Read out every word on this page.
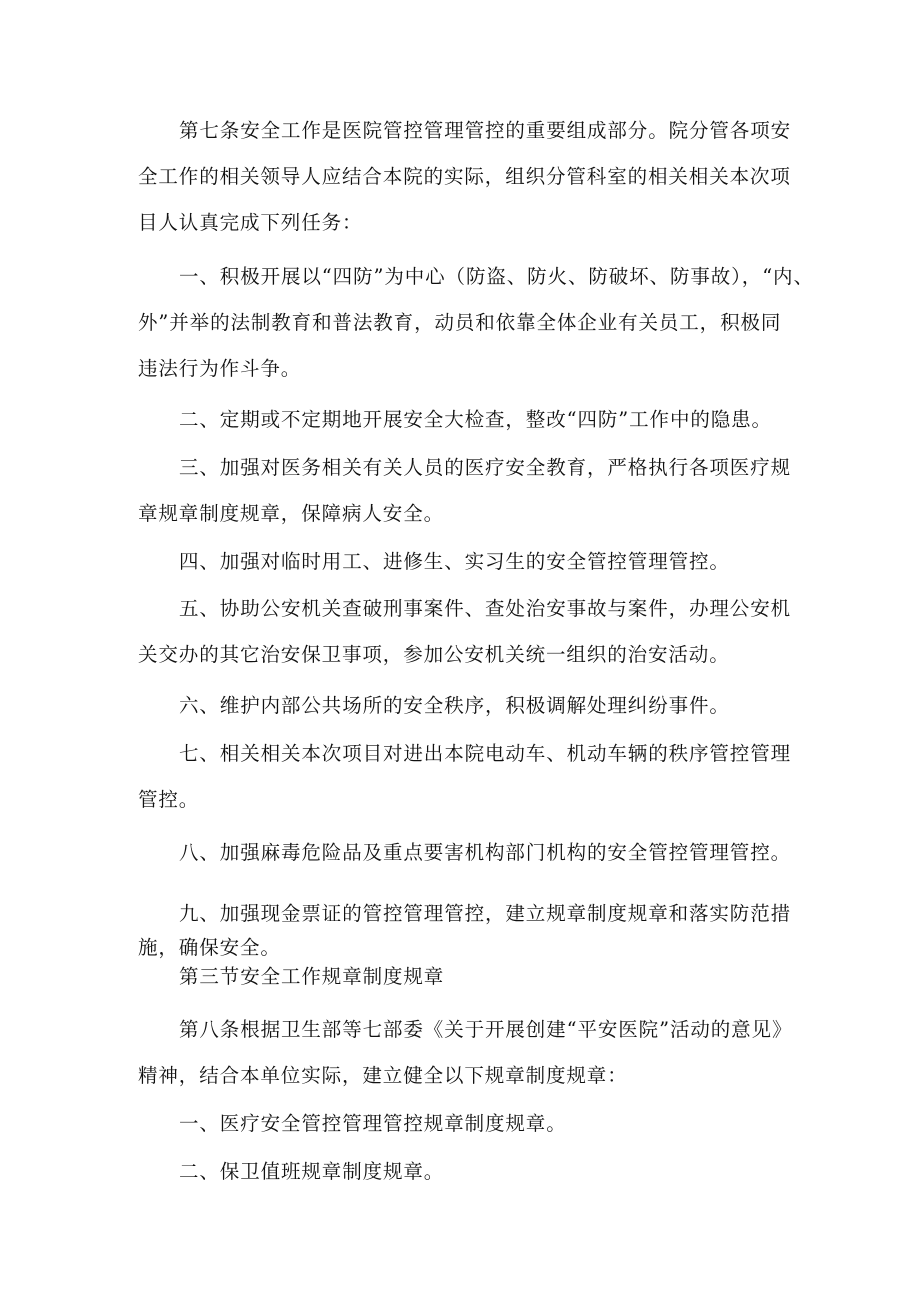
第七条安全工作是医院管控管理管控的重要组成部分。院分管各项安
全工作的相关领导人应结合本院的实际，组织分管科室的相关相关本次项
目人认真完成下列任务：

一、积极开展以“四防”为中心（防盗、防火、防破坏、防事故），“内、
外”并举的法制教育和普法教育，动员和依靠全体企业有关员工，积极同
违法行为作斗争。

二、定期或不定期地开展安全大检查，整改“四防”工作中的隐患。

三、加强对医务相关有关人员的医疗安全教育，严格执行各项医疗规
章规章制度规章，保障病人安全。

四、加强对临时用工、进修生、实习生的安全管控管理管控。

五、协助公安机关查破刑事案件、查处治安事故与案件，办理公安机
关交办的其它治安保卫事项，参加公安机关统一组织的治安活动。

六、维护内部公共场所的安全秩序，积极调解处理纠纷事件。

七、相关相关本次项目对进出本院电动车、机动车辆的秩序管控管理
管控。

八、加强麻毒危险品及重点要害机构部门机构的安全管控管理管控。

九、加强现金票证的管控管理管控，建立规章制度规章和落实防范措
施，确保安全。

第三节安全工作规章制度规章

第八条根据卫生部等七部委《关于开展创建“平安医院”活动的意见》
精神，结合本单位实际，建立健全以下规章制度规章：

一、医疗安全管控管理管控规章制度规章。

二、保卫值班规章制度规章。
